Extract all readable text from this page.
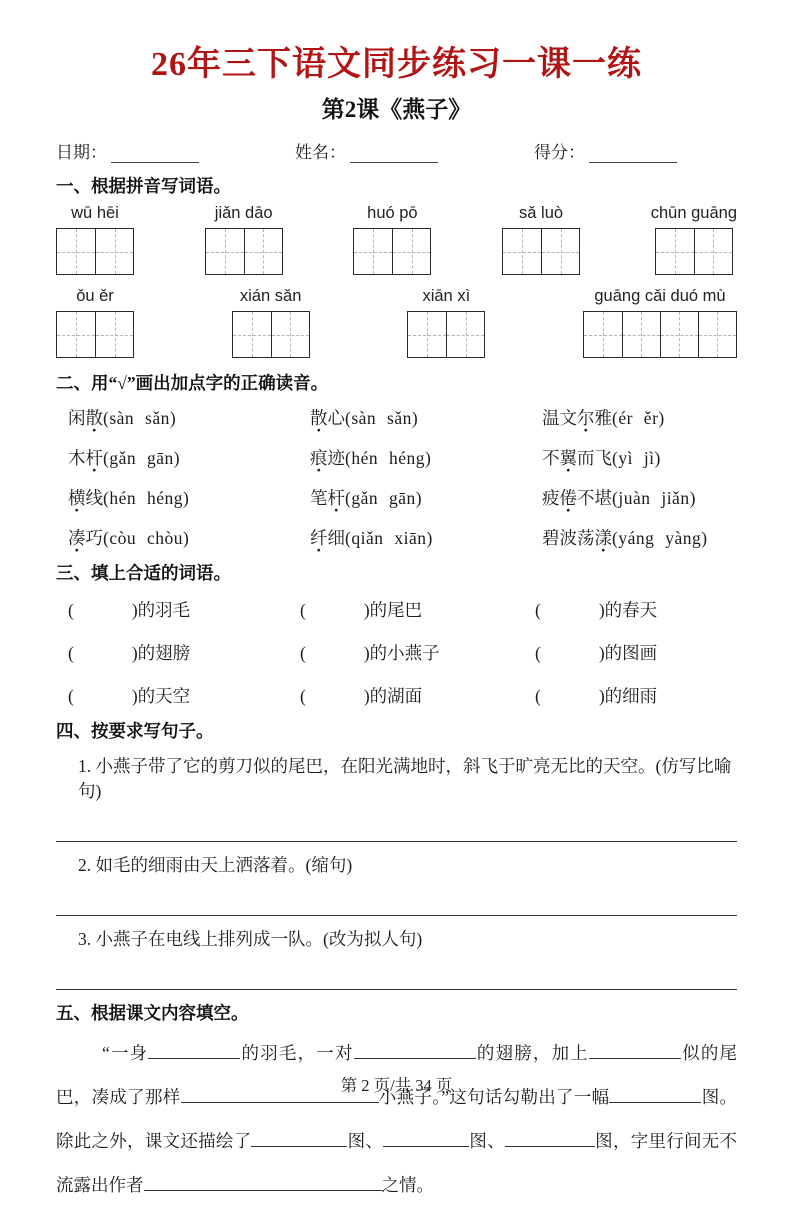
26年三下语文同步练习一课一练
第2课《燕子》
日期：	姓名：	得分：
一、根据拼音写词语。
wū hēi	jiǎn dāo	huó pō	sǎ luò	chūn guāng
ǒu ěr	xián sǎn	xiān xì	guāng cǎi duó mù
二、用“√”画出加点字的正确读音。
闲散 ●(sàn sǎn)	散 ●心(sàn sǎn)	温文尔 ●雅(ér ěr)
木杆 ●(gǎn gān)	痕 ●迹(hén héng)	不翼 ●而飞(yì jì)
横 ●线(hén héng)	笔杆 ●(gǎn gān)	疲倦 ●不堪(juàn jiǎn)
凑 ●巧(còu chòu)	纤 ●细(qiǎn xiān)	碧波荡漾 ●(yáng yàng)
三、填上合适的词语。
(	)的羽毛	(	)的尾巴	(	)的春天
(	)的翅膀	(	)的小燕子	(	)的图画
(	)的天空	(	)的湖面	(	)的细雨
四、按要求写句子。
1. 小燕子带了它的剪刀似的尾巴，在阳光满地时，斜飞于旷亮无比的天空。(仿写比喻句)
2. 如毛的细雨由天上洒落着。(缩句)
3. 小燕子在电线上排列成一队。(改为拟人句)
五、根据课文内容填空。
“一身	的羽毛，一对	的翅膀，加上	似的尾巴，凑成了那样	小燕子。”这句话勾勒出了一幅	图。除此之外，课文还描绘了	图、	图、	图，字里行间无不流露出作者	之情。
第 2 页/共 34 页
